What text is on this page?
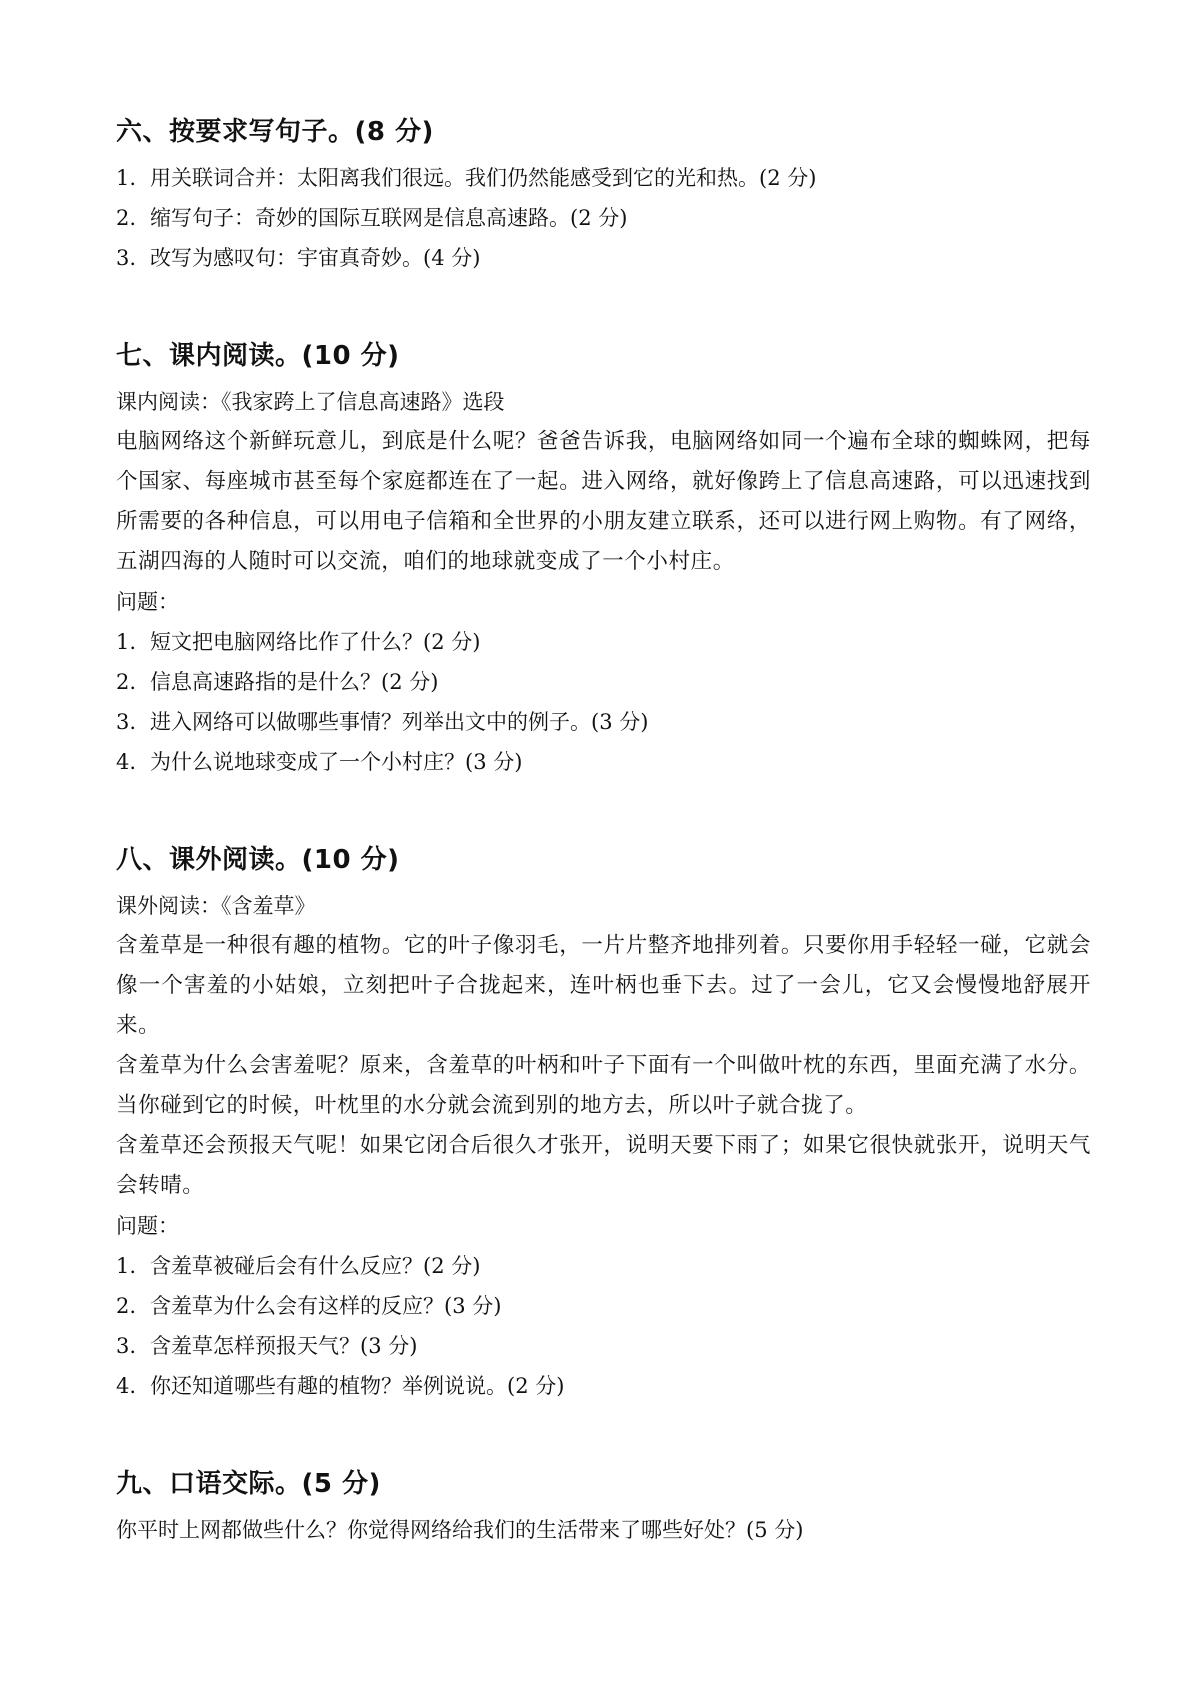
六、按要求写句子。(8 分)
1. 用关联词合并：太阳离我们很远。我们仍然能感受到它的光和热。(2 分)
2. 缩写句子：奇妙的国际互联网是信息高速路。(2 分)
3. 改写为感叹句：宇宙真奇妙。(4 分)
七、课内阅读。(10 分)
课内阅读：《我家跨上了信息高速路》选段
电脑网络这个新鲜玩意儿，到底是什么呢？爸爸告诉我，电脑网络如同一个遍布全球的蜘蛛网，把每个国家、每座城市甚至每个家庭都连在了一起。进入网络，就好像跨上了信息高速路，可以迅速找到所需要的各种信息，可以用电子信箱和全世界的小朋友建立联系，还可以进行网上购物。有了网络，五湖四海的人随时可以交流，咱们的地球就变成了一个小村庄。
问题：
1. 短文把电脑网络比作了什么？(2 分)
2. 信息高速路指的是什么？(2 分)
3. 进入网络可以做哪些事情？列举出文中的例子。(3 分)
4. 为什么说地球变成了一个小村庄？(3 分)
八、课外阅读。(10 分)
课外阅读：《含羞草》
含羞草是一种很有趣的植物。它的叶子像羽毛，一片片整齐地排列着。只要你用手轻轻一碰，它就会像一个害羞的小姑娘，立刻把叶子合拢起来，连叶柄也垂下去。过了一会儿，它又会慢慢地舒展开来。
含羞草为什么会害羞呢？原来，含羞草的叶柄和叶子下面有一个叫做叶枕的东西，里面充满了水分。当你碰到它的时候，叶枕里的水分就会流到别的地方去，所以叶子就合拢了。
含羞草还会预报天气呢！如果它闭合后很久才张开，说明天要下雨了；如果它很快就张开，说明天气会转晴。
问题：
1. 含羞草被碰后会有什么反应？(2 分)
2. 含羞草为什么会有这样的反应？(3 分)
3. 含羞草怎样预报天气？(3 分)
4. 你还知道哪些有趣的植物？举例说说。(2 分)
九、口语交际。(5 分)
你平时上网都做些什么？你觉得网络给我们的生活带来了哪些好处？(5 分)
